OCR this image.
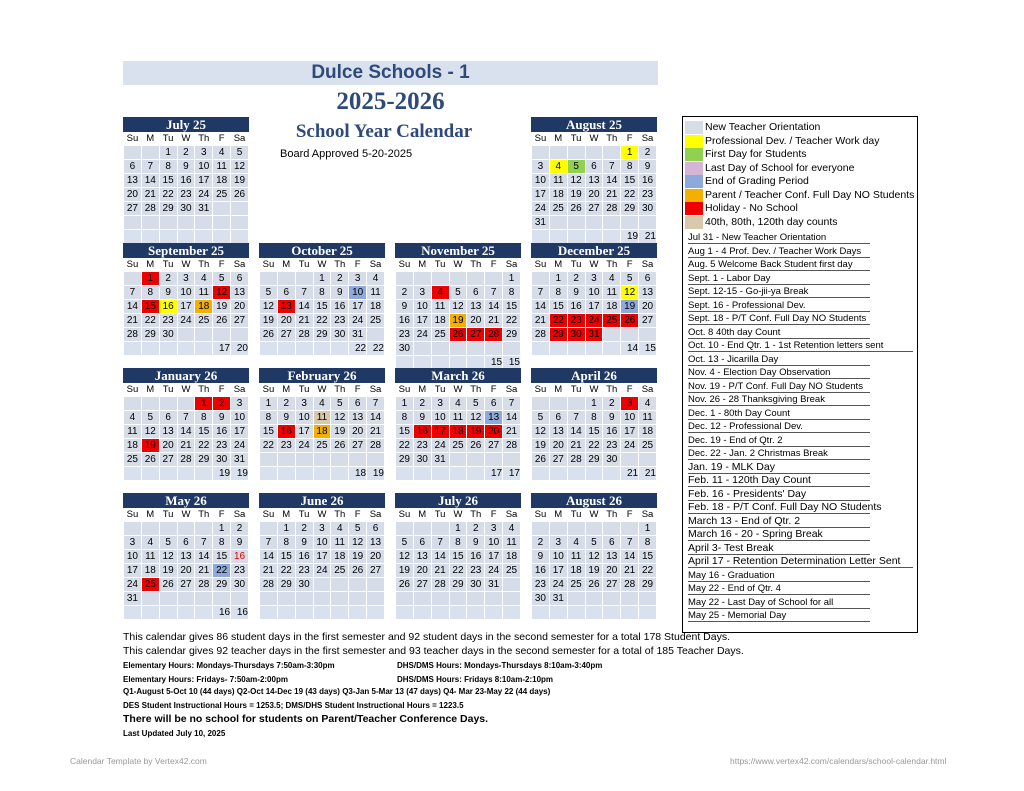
Dulce Schools - 1
2025-2026
School Year Calendar
Board Approved 5-20-2025
July 25
Su	M	Tu	W	Th	F	Sa
		1	2	3	4	5
6	7	8	9	10	11	12
13	14	15	16	17	18	19
20	21	22	23	24	25	26
27	28	29	30	31		

August 25
Su	M	Tu	W	Th	F	Sa
					1	2
3	4	5	6	7	8	9
10	11	12	13	14	15	16
17	18	19	20	21	22	23
24	25	26	27	28	29	30
31						
					19	21
September 25
Su	M	Tu	W	Th	F	Sa
	1	2	3	4	5	6
7	8	9	10	11	12	13
14	15	16	17	18	19	20
21	22	23	24	25	26	27
28	29	30				
					17	20
October 25
Su	M	Tu	W	Th	F	Sa
			1	2	3	4
5	6	7	8	9	10	11
12	13	14	15	16	17	18
19	20	21	22	23	24	25
26	27	28	29	30	31	
					22	22
November 25
Su	M	Tu	W	Th	F	Sa
						1
2	3	4	5	6	7	8
9	10	11	12	13	14	15
16	17	18	19	20	21	22
23	24	25	26	27	28	29
30						
					15	15
December 25
Su	M	Tu	W	Th	F	Sa
	1	2	3	4	5	6
7	8	9	10	11	12	13
14	15	16	17	18	19	20
21	22	23	24	25	26	27
28	29	30	31			
					14	15
January 26
Su	M	Tu	W	Th	F	Sa
				1	2	3
4	5	6	7	8	9	10
11	12	13	14	15	16	17
18	19	20	21	22	23	24
25	26	27	28	29	30	31
					19	19
February 26
Su	M	Tu	W	Th	F	Sa
1	2	3	4	5	6	7
8	9	10	11	12	13	14
15	16	17	18	19	20	21
22	23	24	25	26	27	28

					18	19
March 26
Su	M	Tu	W	Th	F	Sa
1	2	3	4	5	6	7
8	9	10	11	12	13	14
15	16	17	18	19	20	21
22	23	24	25	26	27	28
29	30	31				
					17	17
April 26
Su	M	Tu	W	Th	F	Sa
			1	2	3	4
5	6	7	8	9	10	11
12	13	14	15	16	17	18
19	20	21	22	23	24	25
26	27	28	29	30		
					21	21
May 26
Su	M	Tu	W	Th	F	Sa
					1	2
3	4	5	6	7	8	9
10	11	12	13	14	15	16
17	18	19	20	21	22	23
24	25	26	27	28	29	30
31						
					16	16
June 26
Su	M	Tu	W	Th	F	Sa
	1	2	3	4	5	6
7	8	9	10	11	12	13
14	15	16	17	18	19	20
21	22	23	24	25	26	27
28	29	30				

July 26
Su	M	Tu	W	Th	F	Sa
			1	2	3	4
5	6	7	8	9	10	11
12	13	14	15	16	17	18
19	20	21	22	23	24	25
26	27	28	29	30	31	

August 26
Su	M	Tu	W	Th	F	Sa
						1
2	3	4	5	6	7	8
9	10	11	12	13	14	15
16	17	18	19	20	21	22
23	24	25	26	27	28	29
30	31					

New Teacher Orientation
Professional Dev. / Teacher Work day
First Day for Students
Last Day of School for everyone
End of Grading Period
Parent / Teacher Conf. Full Day NO Students
Holiday - No School
40th, 80th, 120th day counts
Jul 31 - New Teacher Orientation
Aug 1 - 4 Prof. Dev. / Teacher Work Days
Aug. 5 Welcome Back Student first day
Sept. 1 - Labor Day
Sept. 12-15 - Go-jii-ya Break
Sept. 16 - Professional Dev.
Sept. 18 - P/T Conf. Full Day NO Students
Oct. 8 40th day Count
Oct. 10 - End Qtr. 1 - 1st Retention letters sent
Oct. 13 - Jicarilla Day
Nov. 4 - Election Day Observation
Nov. 19 - P/T Conf. Full Day NO Students
Nov. 26 - 28 Thanksgiving Break
Dec. 1 - 80th Day Count
Dec. 12 - Professional Dev.
Dec. 19 - End of Qtr. 2
Dec. 22 - Jan. 2 Christmas Break
Jan. 19 - MLK Day
Feb. 11 - 120th Day Count
Feb. 16 - Presidents' Day
Feb. 18 - P/T Conf. Full Day NO Students
March 13 - End of Qtr. 2
March 16 - 20 - Spring Break
April 3- Test Break
April 17 - Retention Determination Letter Sent
May 16 - Graduation
May 22 - End of Qtr. 4
May 22 - Last Day of School for all
May 25 - Memorial Day
This calendar gives 86 student days in the first semester and 92 student days in the second semester for a total 178 Student Days.
This calendar gives 92 teacher days in the first semester and 93 teacher days in the second semester for a total of 185 Teacher Days.
Elementary Hours: Mondays-Thursdays 7:50am-3:30pm	DHS/DMS Hours: Mondays-Thursdays 8:10am-3:40pm
Elementary Hours: Fridays- 7:50am-2:00pm	DHS/DMS Hours: Fridays 8:10am-2:10pm
Q1-August 5-Oct 10 (44 days) Q2-Oct 14-Dec 19 (43 days) Q3-Jan 5-Mar 13 (47 days) Q4- Mar 23-May 22 (44 days)
DES Student Instructional Hours = 1253.5; DMS/DHS Student Instructional Hours = 1223.5
There will be no school for students on Parent/Teacher Conference Days.
Last Updated July 10, 2025
Calendar Template by Vertex42.com	https://www.vertex42.com/calendars/school-calendar.html
